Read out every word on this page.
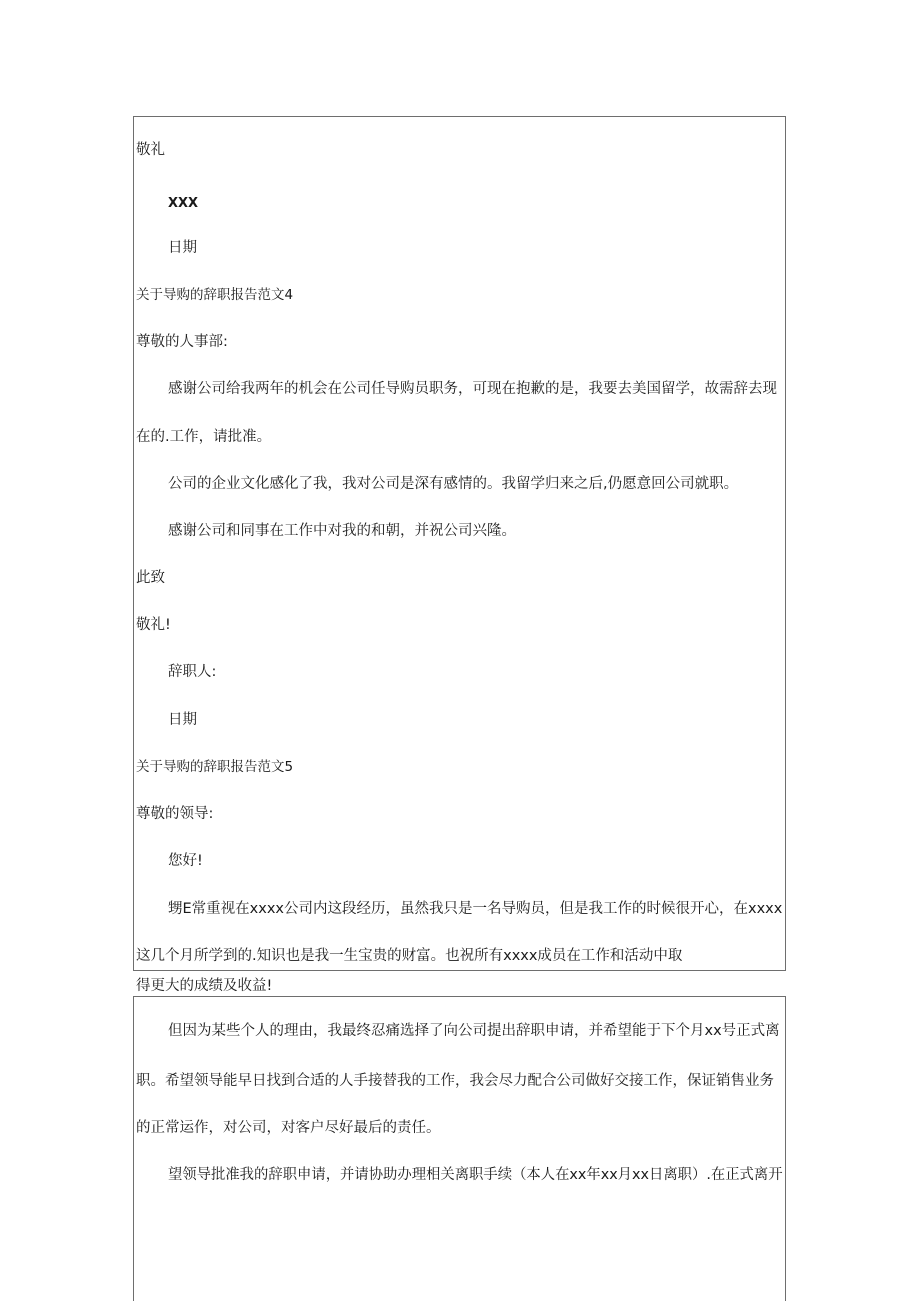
敬礼

XXX

日期

关于导购的辞职报告范文4

尊敬的人事部:

感谢公司给我两年的机会在公司任导购员职务，可现在抱歉的是，我要去美国留学，故需辞去现

在的.工作，请批准。

公司的企业文化感化了我，我对公司是深有感情的。我留学归来之后,仍愿意回公司就职。

感谢公司和同事在工作中对我的和朝，并祝公司兴隆。

此致

敬礼!

辞职人:

日期

关于导购的辞职报告范文5

尊敬的领导:

您好!

甥E常重视在xxxx公司内这段经历，虽然我只是一名导购员，但是我工作的时候很开心，在xxxx

这几个月所学到的.知识也是我一生宝贵的财富。也祝所有xxxx成员在工作和活动中取

得更大的成绩及收益!

但因为某些个人的理由，我最终忍痛选择了向公司提出辞职申请，并希望能于下个月xx号正式离

职。希望领导能早日找到合适的人手接替我的工作，我会尽力配合公司做好交接工作，保证销售业务

的正常运作，对公司，对客户尽好最后的责任。

望领导批准我的辞职申请，并请协助办理相关离职手续（本人在xx年xx月xx日离职）.在正式离开
